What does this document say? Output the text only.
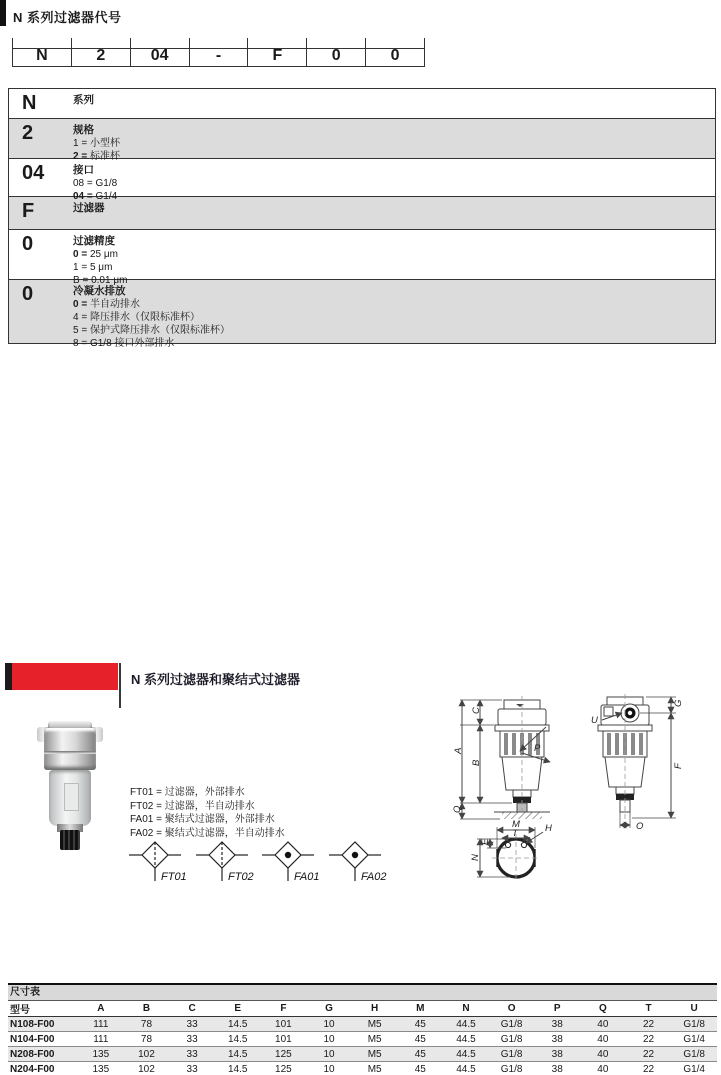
N 系列过滤器代号
N	2	04	-	F	0	0
N	系列
2	规格
1 = 小型杯
2 = 标准杯
04	接口
08 = G1/8
04 = G1/4
F	过滤器
0	过滤精度
0 = 25 μm
1 = 5 μm
B = 0.01 μm
0	冷凝水排放
0 = 半自动排水
4 = 降压排水（仅限标准杯）
5 = 保护式降压排水（仅限标准杯）
8 = G1/8 接口外部排水
N 系列过滤器和聚结式过滤器
FT01 = 过滤器，外部排水
FT02 = 过滤器，半自动排水
FA01 = 聚结式过滤器，外部排水
FA02 = 聚结式过滤器，半自动排水
FT01	FT02	FA01	FA02
A
Q
C
B
P
U
G
F
O
M
T	H
E
N
尺寸表
型号	A	B	C	E	F	G	H	M	N	O	P	Q	T	U
N108-F00	111	78	33	14.5	101	10	M5	45	44.5	G1/8	38	40	22	G1/8
N104-F00	111	78	33	14.5	101	10	M5	45	44.5	G1/8	38	40	22	G1/4
N208-F00	135	102	33	14.5	125	10	M5	45	44.5	G1/8	38	40	22	G1/8
N204-F00	135	102	33	14.5	125	10	M5	45	44.5	G1/8	38	40	22	G1/4
